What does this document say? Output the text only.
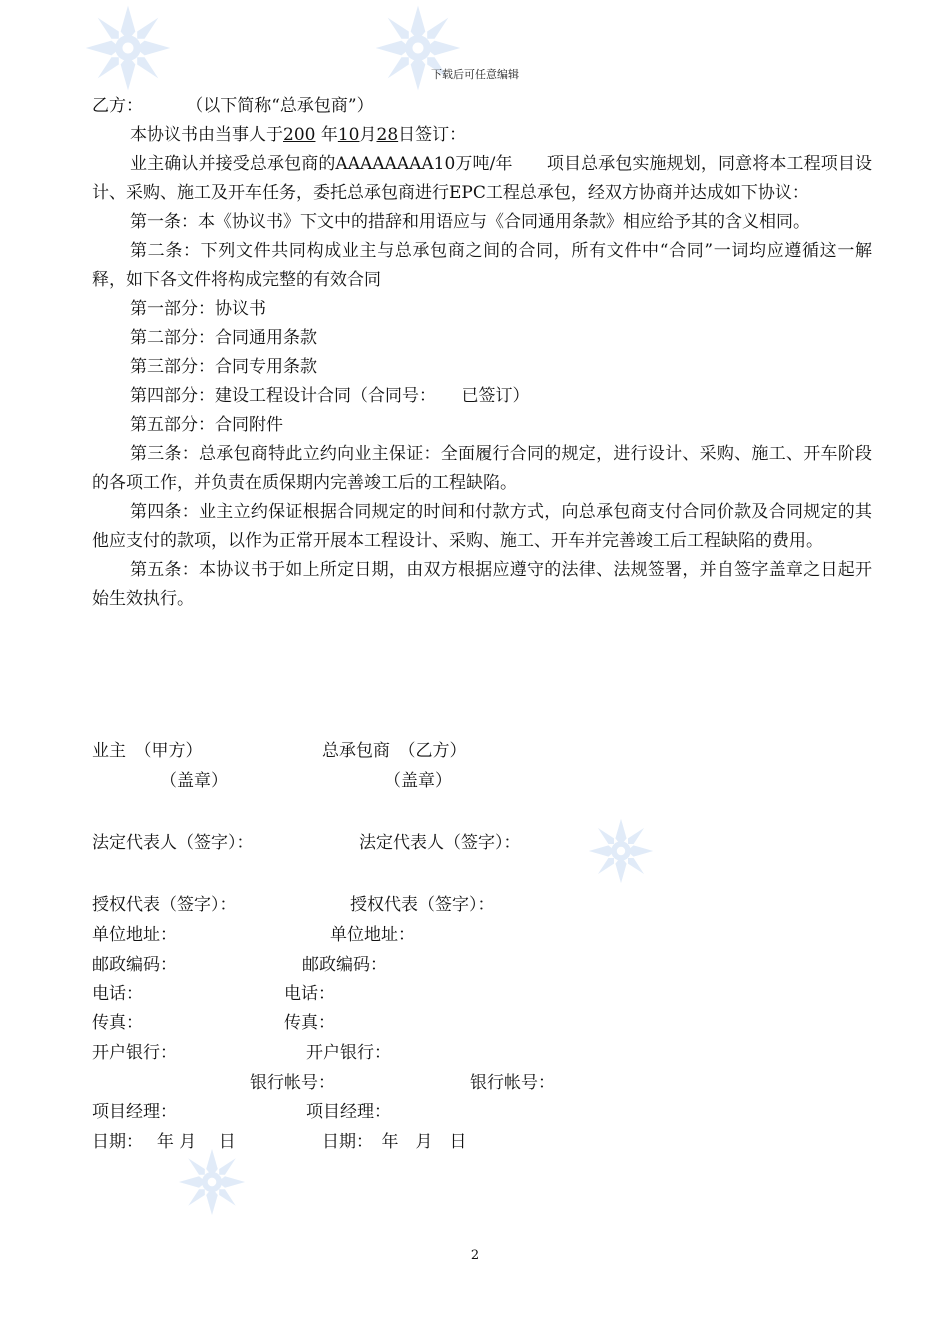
下载后可任意编辑
乙方：        （以下简称“总承包商”）
本协议书由当事人于200 年10月28日签订：
业主确认并接受总承包商的AAAAAAAA10万吨/年　　项目总承包实施规划，同意将本工程项目设计、采购、施工及开车任务，委托总承包商进行EPC工程总承包，经双方协商并达成如下协议：
第一条：本《协议书》下文中的措辞和用语应与《合同通用条款》相应给予其的含义相同。
第二条：下列文件共同构成业主与总承包商之间的合同，所有文件中“合同”一词均应遵循这一解释，如下各文件将构成完整的有效合同
第一部分：协议书
第二部分：合同通用条款
第三部分：合同专用条款
第四部分：建设工程设计合同（合同号：　　已签订）
第五部分：合同附件
第三条：总承包商特此立约向业主保证：全面履行合同的规定，进行设计、采购、施工、开车阶段的各项工作，并负责在质保期内完善竣工后的工程缺陷。
第四条：业主立约保证根据合同规定的时间和付款方式，向总承包商支付合同价款及合同规定的其他应支付的款项，以作为正常开展本工程设计、采购、施工、开车并完善竣工后工程缺陷的费用。
第五条：本协议书于如上所定日期，由双方根据应遵守的法律、法规签署，并自签字盖章之日起开始生效执行。
业主　（甲方）	总承包商　（乙方）
（盖章）	（盖章）
法定代表人（签字）：	法定代表人（签字）：
授权代表（签字）：	授权代表（签字）：
单位地址：	单位地址：
邮政编码：	邮政编码：
电话：	电话：
传真：	传真：
开户银行：	开户银行：
银行帐号：	银行帐号：
项目经理：	项目经理：
日期：　 年 月　 日	日期：　年　月　日
2
